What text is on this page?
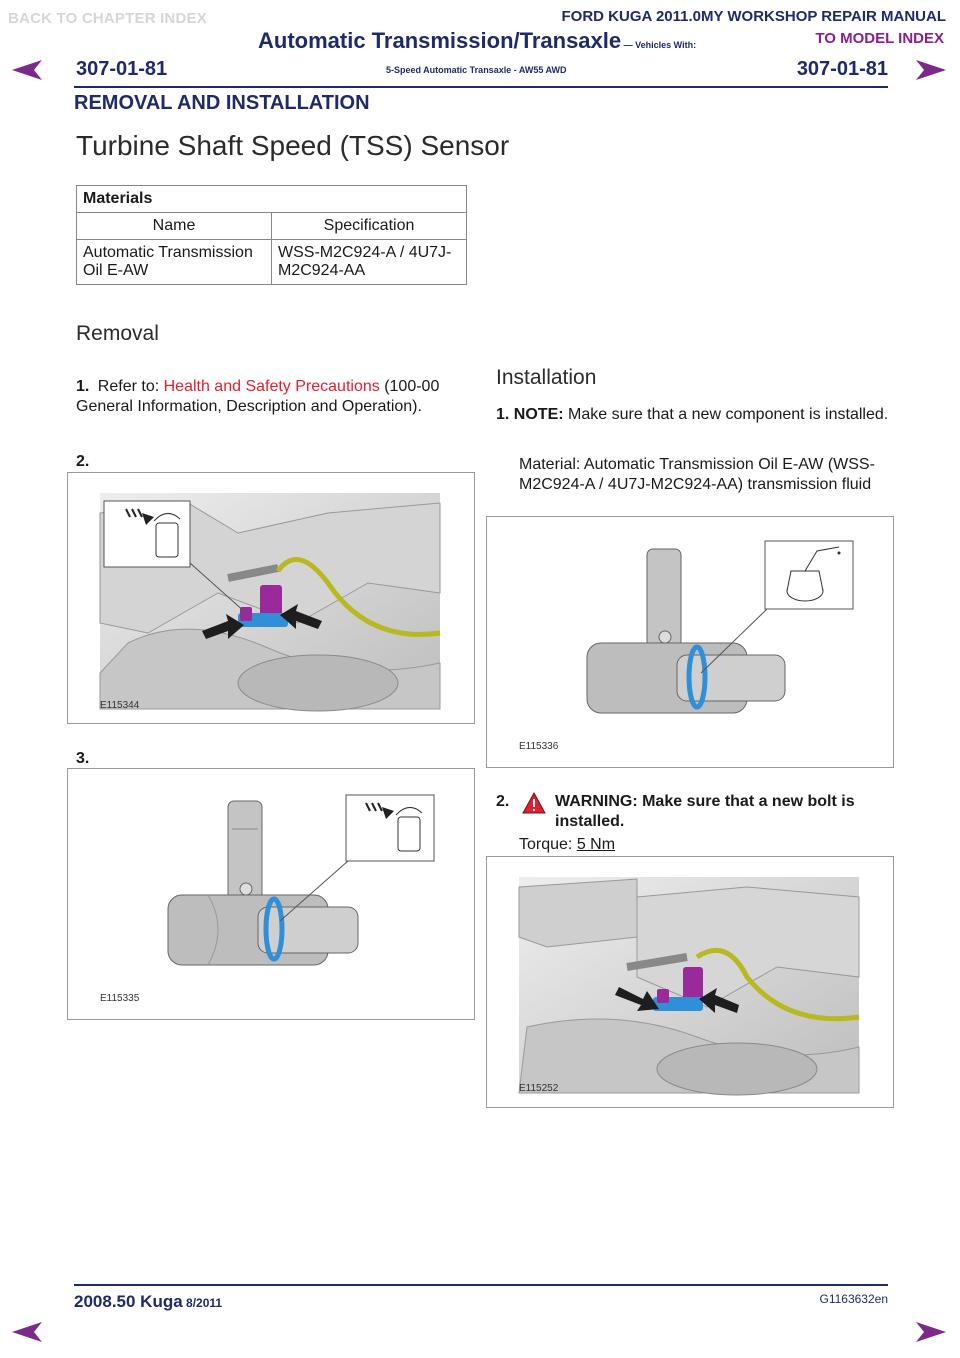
BACK TO CHAPTER INDEX	FORD KUGA 2011.0MY WORKSHOP REPAIR MANUAL
TO MODEL INDEX
Automatic Transmission/Transaxle — Vehicles With:
5-Speed Automatic Transaxle - AW55 AWD
307-01-81	307-01-81
REMOVAL AND INSTALLATION
Turbine Shaft Speed (TSS) Sensor
Materials	
Name	Specification
Automatic Transmission Oil E-AW	WSS-M2C924-A / 4U7J-M2C924-AA
Removal
1. Refer to: Health and Safety Precautions (100-00 General Information, Description and Operation).
2.
E115344
3.
E115335
Installation
1. NOTE: Make sure that a new component is installed.
Material: Automatic Transmission Oil E-AW (WSS-M2C924-A / 4U7J-M2C924-AA) transmission fluid
E115336
2.	WARNING: Make sure that a new bolt is installed.
Torque: 5 Nm
E115252
2008.50 Kuga 8/2011	G1163632en
